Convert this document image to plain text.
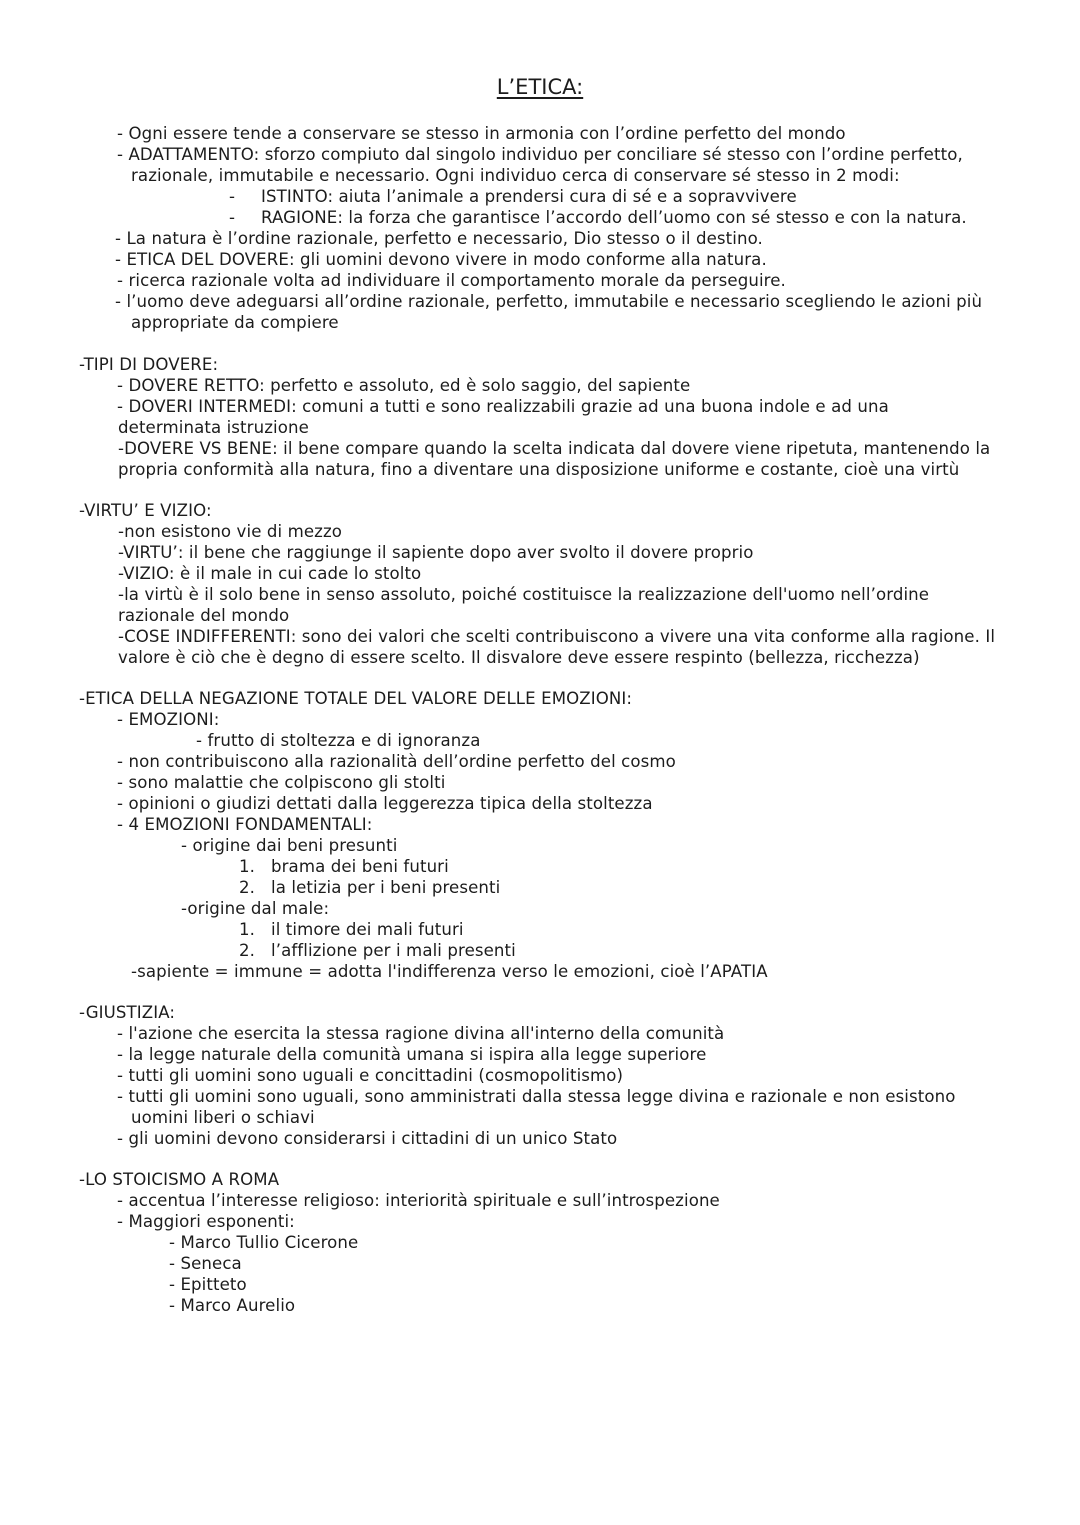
L’ETICA:
- Ogni essere tende a conservare se stesso in armonia con l’ordine perfetto del mondo
- ADATTAMENTO: sforzo compiuto dal singolo individuo per conciliare sé stesso con l’ordine perfetto,
razionale, immutabile e necessario. Ogni individuo cerca di conservare sé stesso in 2 modi:
- ISTINTO: aiuta l’animale a prendersi cura di sé e a sopravvivere
- RAGIONE: la forza che garantisce l’accordo dell’uomo con sé stesso e con la natura.
- La natura è l’ordine razionale, perfetto e necessario, Dio stesso o il destino.
- ETICA DEL DOVERE: gli uomini devono vivere in modo conforme alla natura.
- ricerca razionale volta ad individuare il comportamento morale da perseguire.
- l’uomo deve adeguarsi all’ordine razionale, perfetto, immutabile e necessario scegliendo le azioni più
appropriate da compiere
-TIPI DI DOVERE:
- DOVERE RETTO: perfetto e assoluto, ed è solo saggio, del sapiente
- DOVERI INTERMEDI: comuni a tutti e sono realizzabili grazie ad una buona indole e ad una
determinata istruzione
-DOVERE VS BENE: il bene compare quando la scelta indicata dal dovere viene ripetuta, mantenendo la
propria conformità alla natura, fino a diventare una disposizione uniforme e costante, cioè una virtù
-VIRTU’ E VIZIO:
-non esistono vie di mezzo
-VIRTU’: il bene che raggiunge il sapiente dopo aver svolto il dovere proprio
-VIZIO: è il male in cui cade lo stolto
-la virtù è il solo bene in senso assoluto, poiché costituisce la realizzazione dell'uomo nell’ordine
razionale del mondo
-COSE INDIFFERENTI: sono dei valori che scelti contribuiscono a vivere una vita conforme alla ragione. Il
valore è ciò che è degno di essere scelto. Il disvalore deve essere respinto (bellezza, ricchezza)
-ETICA DELLA NEGAZIONE TOTALE DEL VALORE DELLE EMOZIONI:
- EMOZIONI:
- frutto di stoltezza e di ignoranza
- non contribuiscono alla razionalità dell’ordine perfetto del cosmo
- sono malattie che colpiscono gli stolti
- opinioni o giudizi dettati dalla leggerezza tipica della stoltezza
- 4 EMOZIONI FONDAMENTALI:
- origine dai beni presunti
1. brama dei beni futuri
2. la letizia per i beni presenti
-origine dal male:
1. il timore dei mali futuri
2. l’afflizione per i mali presenti
-sapiente = immune = adotta l'indifferenza verso le emozioni, cioè l’APATIA
-GIUSTIZIA:
- l'azione che esercita la stessa ragione divina all'interno della comunità
- la legge naturale della comunità umana si ispira alla legge superiore
- tutti gli uomini sono uguali e concittadini (cosmopolitismo)
- tutti gli uomini sono uguali, sono amministrati dalla stessa legge divina e razionale e non esistono
uomini liberi o schiavi
- gli uomini devono considerarsi i cittadini di un unico Stato
-LO STOICISMO A ROMA
- accentua l’interesse religioso: interiorità spirituale e sull’introspezione
- Maggiori esponenti:
- Marco Tullio Cicerone
- Seneca
- Epitteto
- Marco Aurelio
